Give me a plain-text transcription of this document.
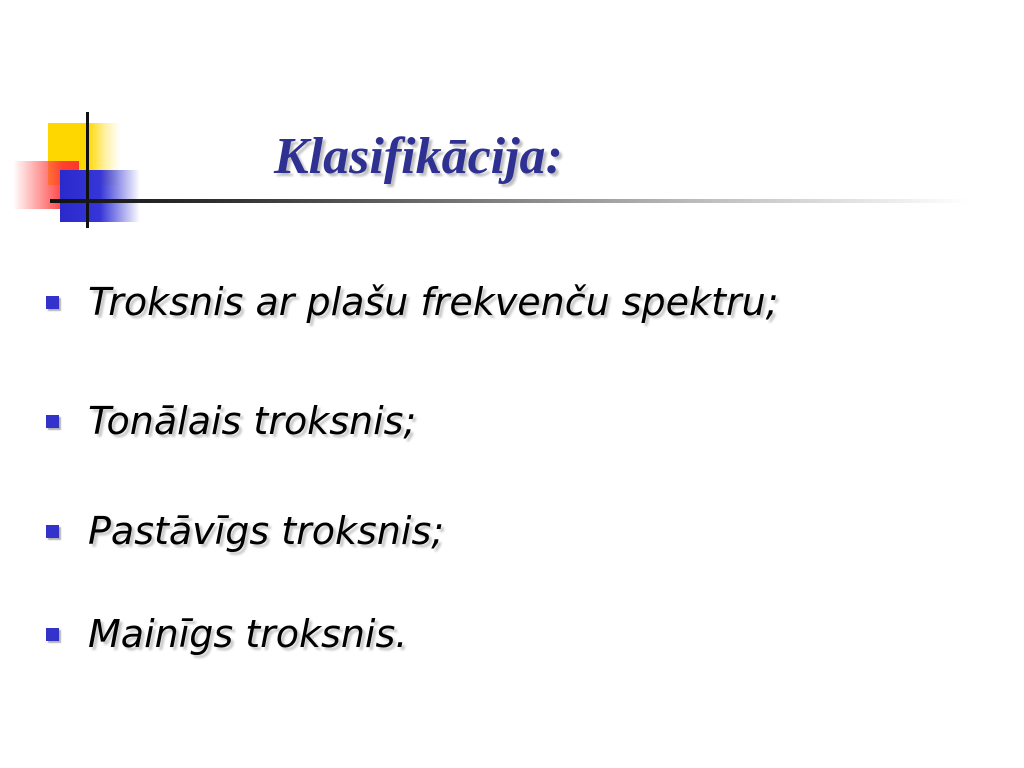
Klasifikācija:
Troksnis ar plašu frekvenču spektru;
Tonālais troksnis;
Pastāvīgs troksnis;
Mainīgs troksnis.
